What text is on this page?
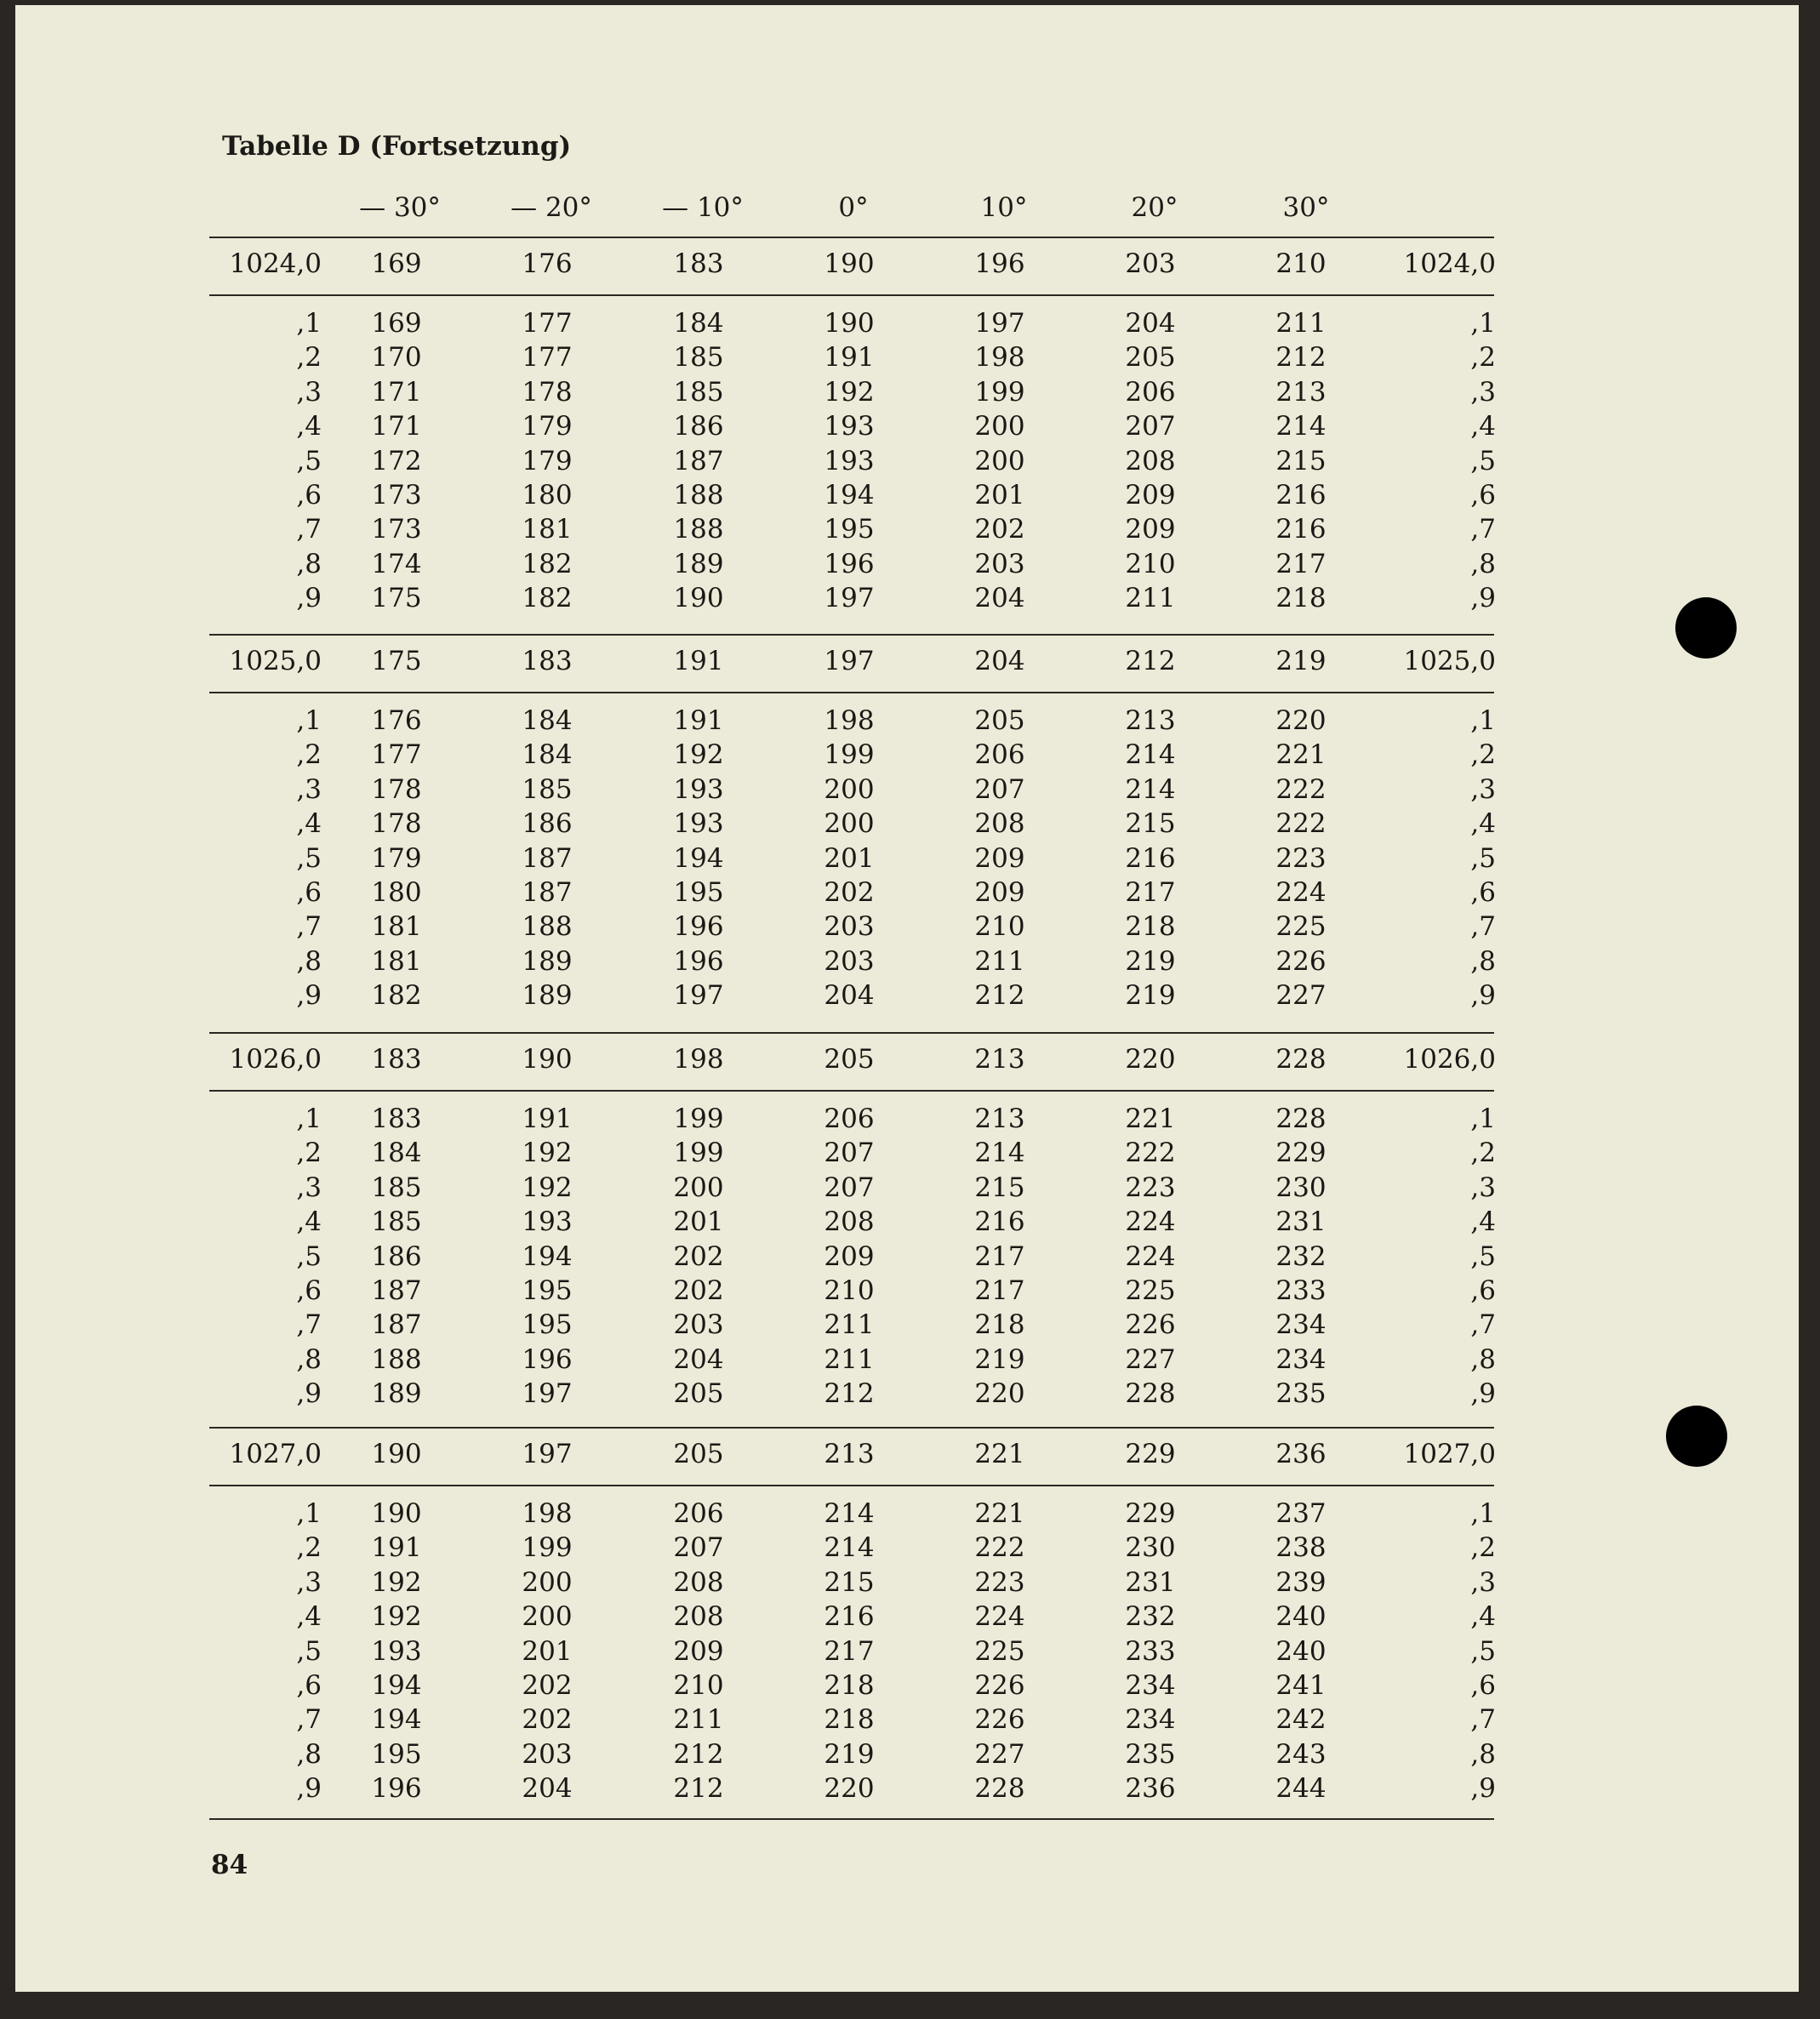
Tabelle D (Fortsetzung)
— 30°	— 20°	— 10°	0°	10°	20°	30°
1024,0 169	176	183	190	196	203	210	1024,0
,1 169	177	184	190	197	204	211	,1
,2 170	177	185	191	198	205	212	,2
,3 171	178	185	192	199	206	213	,3
,4 171	179	186	193	200	207	214	,4
,5 172	179	187	193	200	208	215	,5
,6 173	180	188	194	201	209	216	,6
,7 173	181	188	195	202	209	216	,7
,8 174	182	189	196	203	210	217	,8
,9 175	182	190	197	204	211	218	,9
1025,0 175	183	191	197	204	212	219	1025,0
,1 176	184	191	198	205	213	220	,1
,2 177	184	192	199	206	214	221	,2
,3 178	185	193	200	207	214	222	,3
,4 178	186	193	200	208	215	222	,4
,5 179	187	194	201	209	216	223	,5
,6 180	187	195	202	209	217	224	,6
,7 181	188	196	203	210	218	225	,7
,8 181	189	196	203	211	219	226	,8
,9 182	189	197	204	212	219	227	,9
1026,0 183	190	198	205	213	220	228	1026,0
,1 183	191	199	206	213	221	228	,1
,2 184	192	199	207	214	222	229	,2
,3 185	192	200	207	215	223	230	,3
,4 185	193	201	208	216	224	231	,4
,5 186	194	202	209	217	224	232	,5
,6 187	195	202	210	217	225	233	,6
,7 187	195	203	211	218	226	234	,7
,8 188	196	204	211	219	227	234	,8
,9 189	197	205	212	220	228	235	,9
1027,0 190	197	205	213	221	229	236	1027,0
,1 190	198	206	214	221	229	237	,1
,2 191	199	207	214	222	230	238	,2
,3 192	200	208	215	223	231	239	,3
,4 192	200	208	216	224	232	240	,4
,5 193	201	209	217	225	233	240	,5
,6 194	202	210	218	226	234	241	,6
,7 194	202	211	218	226	234	242	,7
,8 195	203	212	219	227	235	243	,8
,9 196	204	212	220	228	236	244	,9
84
